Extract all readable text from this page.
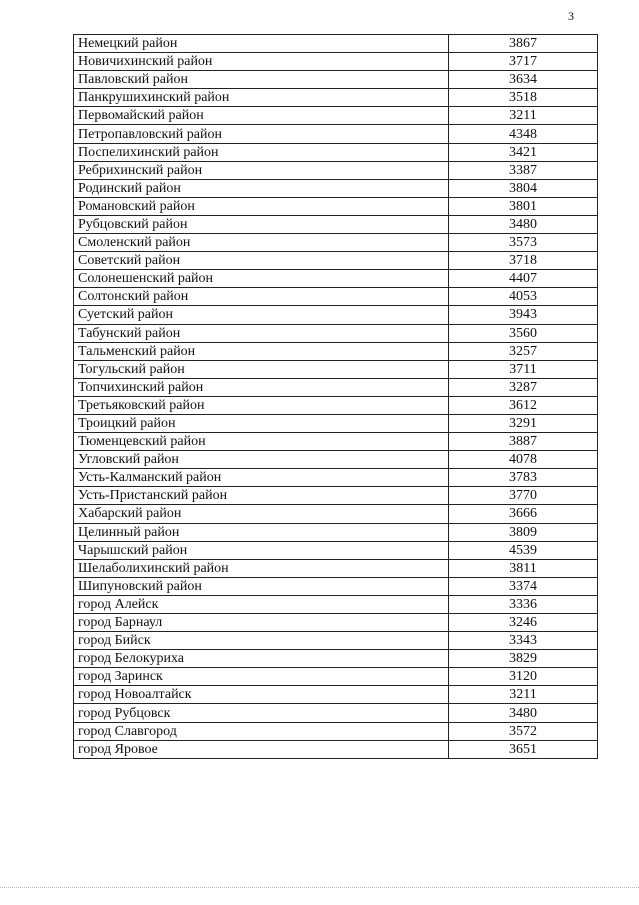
3
Немецкий район	3867
Новичихинский район	3717
Павловский район	3634
Панкрушихинский район	3518
Первомайский район	3211
Петропавловский район	4348
Поспелихинский район	3421
Ребрихинский район	3387
Родинский район	3804
Романовский район	3801
Рубцовский район	3480
Смоленский район	3573
Советский район	3718
Солонешенский район	4407
Солтонский район	4053
Суетский район	3943
Табунский район	3560
Тальменский район	3257
Тогульский район	3711
Топчихинский район	3287
Третьяковский район	3612
Троицкий район	3291
Тюменцевский район	3887
Угловский район	4078
Усть-Калманский район	3783
Усть-Пристанский район	3770
Хабарский район	3666
Целинный район	3809
Чарышский район	4539
Шелаболихинский район	3811
Шипуновский район	3374
город Алейск	3336
город Барнаул	3246
город Бийск	3343
город Белокуриха	3829
город Заринск	3120
город Новоалтайск	3211
город Рубцовск	3480
город Славгород	3572
город Яровое	3651
